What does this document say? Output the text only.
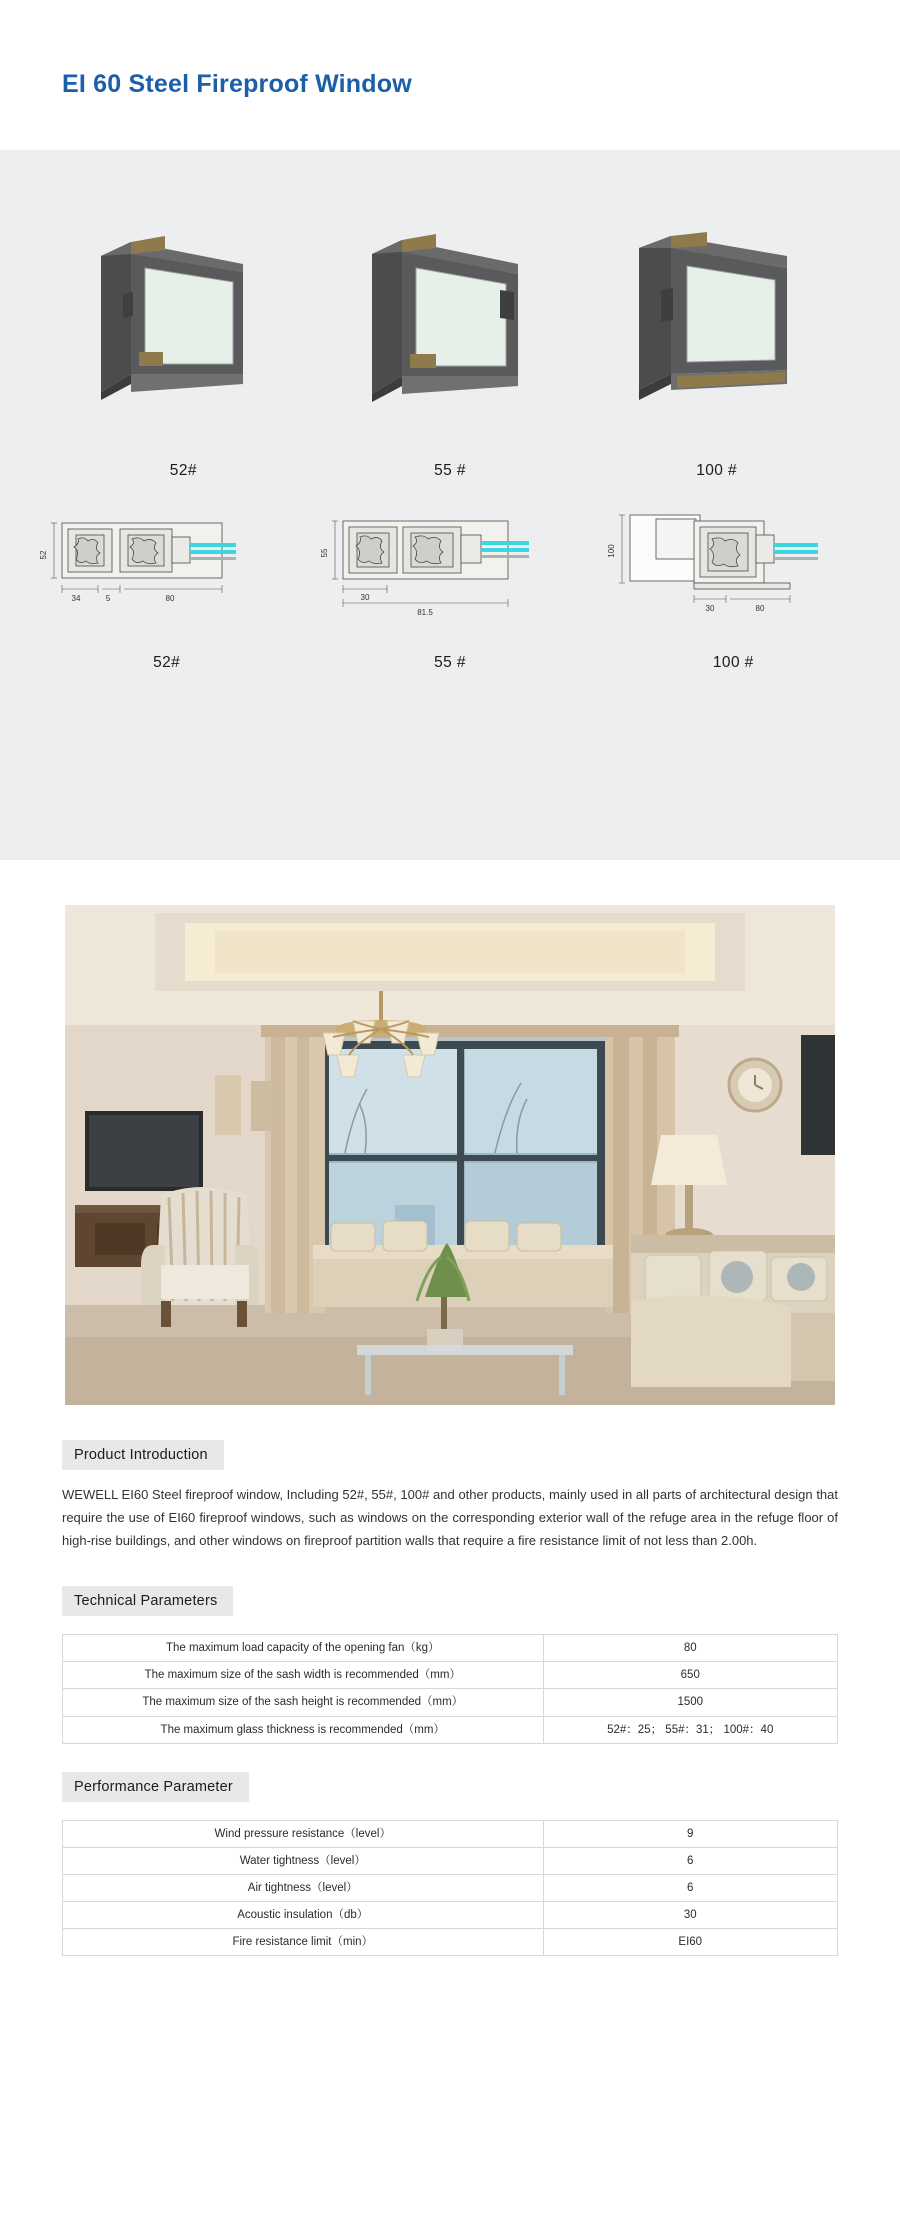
EI 60 Steel Fireproof Window
52#	55 #	100 #
52
34	5	80
52#
55
30
81.5
55 #
100
30	80
100 #
Product Introduction

WEWELL EI60 Steel fireproof window, Including 52#, 55#, 100# and other products, mainly used in all parts of architectural design that require the use of EI60 fireproof windows, such as windows on the corresponding exterior wall of the refuge area in the refuge floor of high-rise buildings, and other windows on fireproof partition walls that require a fire resistance limit of not less than 2.00h.

Technical Parameters
The maximum load capacity of the opening fan（kg）	80
The maximum size of the sash width is recommended（mm）	650
The maximum size of the sash height is recommended（mm）	1500
The maximum glass thickness is recommended（mm）	52#：25； 55#：31； 100#：40
Performance Parameter
Wind pressure resistance（level）	9
Water tightness（level）	6
Air tightness（level）	6
Acoustic insulation（db）	30
Fire resistance limit（min）	EI60
